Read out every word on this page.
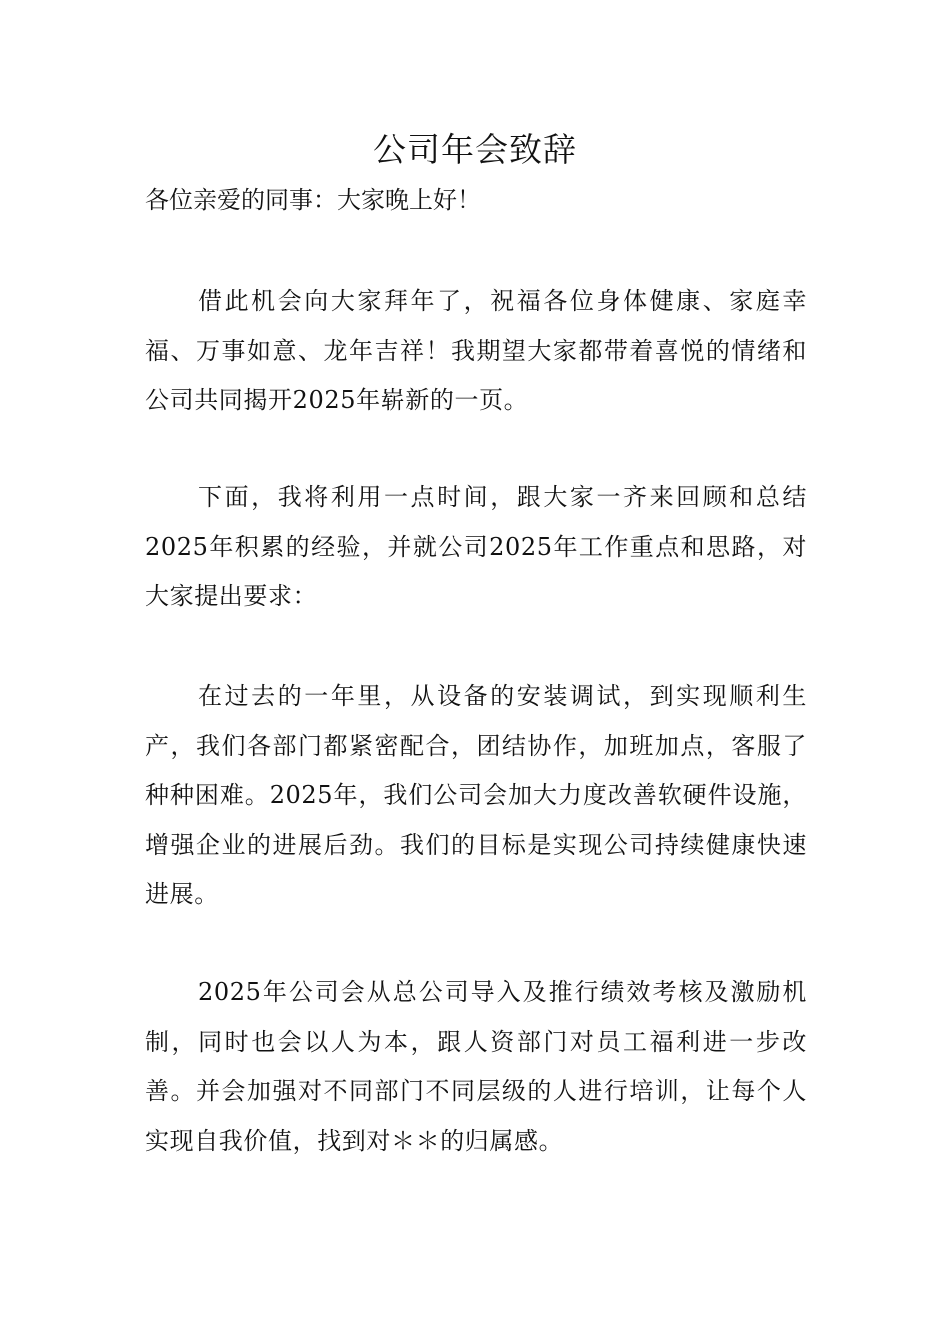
公司年会致辞
各位亲爱的同事：大家晚上好！

借此机会向大家拜年了，祝福各位身体健康、家庭幸福、万事如意、龙年吉祥！我期望大家都带着喜悦的情绪和公司共同揭开2025年崭新的一页。

下面，我将利用一点时间，跟大家一齐来回顾和总结2025年积累的经验，并就公司2025年工作重点和思路，对大家提出要求：

在过去的一年里，从设备的安装调试，到实现顺利生产，我们各部门都紧密配合，团结协作，加班加点，客服了种种困难。2025年，我们公司会加大力度改善软硬件设施，增强企业的进展后劲。我们的目标是实现公司持续健康快速进展。

2025年公司会从总公司导入及推行绩效考核及激励机制，同时也会以人为本，跟人资部门对员工福利进一步改善。并会加强对不同部门不同层级的人进行培训，让每个人实现自我价值，找到对＊＊的归属感。
